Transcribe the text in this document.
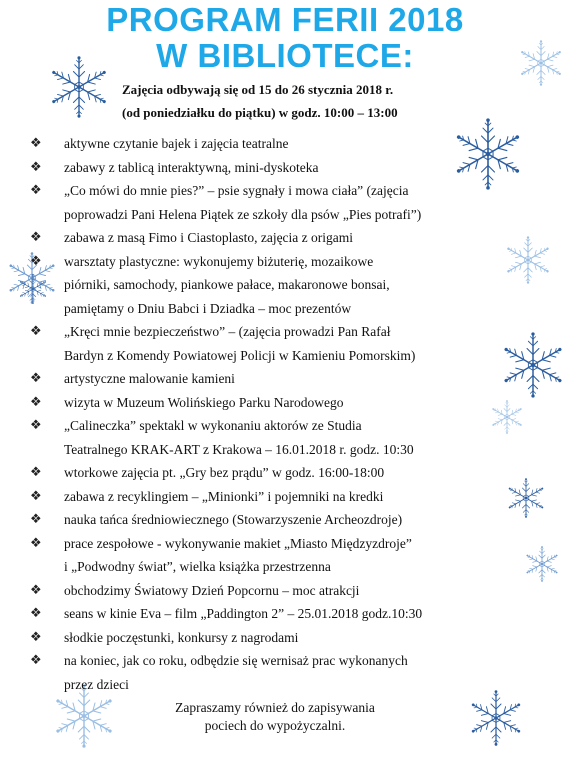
PROGRAM FERII 2018
W BIBLIOTECE:
Zajęcia odbywają się od 15 do 26 stycznia 2018 r.
(od poniedziałku do piątku) w godz. 10:00 – 13:00
❖	aktywne czytanie bajek i zajęcia teatralne
❖	zabawy z tablicą interaktywną, mini-dyskoteka
❖	„Co mówi do mnie pies?” – psie sygnały i mowa ciała” (zajęcia
poprowadzi Pani Helena Piątek ze szkoły dla psów „Pies potrafi”)
❖	zabawa z masą Fimo i Ciastoplasto, zajęcia z origami
❖	warsztaty plastyczne: wykonujemy biżuterię, mozaikowe
piórniki, samochody, piankowe pałace, makaronowe bonsai,
pamiętamy o Dniu Babci i Dziadka – moc prezentów
❖	„Kręci mnie bezpieczeństwo” – (zajęcia prowadzi Pan Rafał
Bardyn z Komendy Powiatowej Policji w Kamieniu Pomorskim)
❖	artystyczne malowanie kamieni
❖	wizyta w Muzeum Wolińskiego Parku Narodowego
❖	„Calineczka” spektakl w wykonaniu aktorów ze Studia
Teatralnego KRAK-ART z Krakowa – 16.01.2018 r. godz. 10:30
❖	wtorkowe zajęcia pt. „Gry bez prądu” w godz. 16:00-18:00
❖	zabawa z recyklingiem – „Minionki” i pojemniki na kredki
❖	nauka tańca średniowiecznego (Stowarzyszenie Archeozdroje)
❖	prace zespołowe - wykonywanie makiet „Miasto Międzyzdroje”
i „Podwodny świat”, wielka książka przestrzenna
❖	obchodzimy Światowy Dzień Popcornu – moc atrakcji
❖	seans w kinie Eva – film „Paddington 2” – 25.01.2018 godz.10:30
❖	słodkie poczęstunki, konkursy z nagrodami
❖	na koniec, jak co roku, odbędzie się wernisaż prac wykonanych
przez dzieci
Zapraszamy również do zapisywania
pociech do wypożyczalni.
